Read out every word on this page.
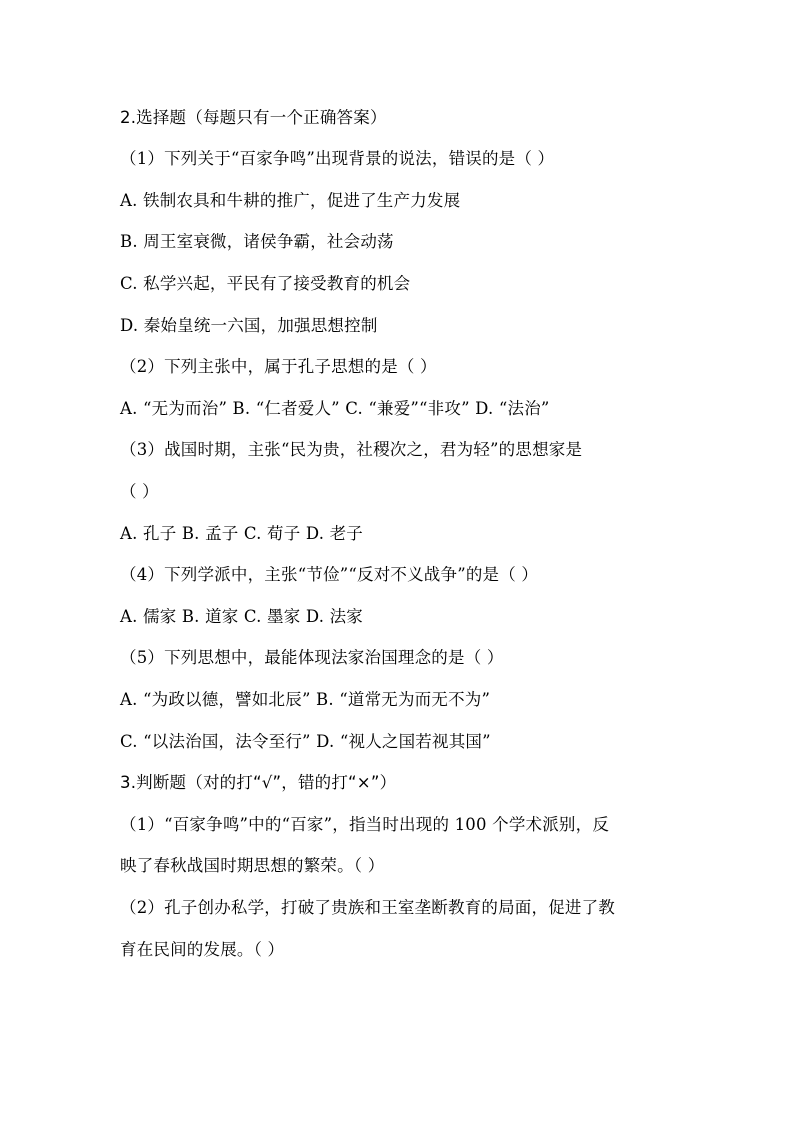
2.选择题（每题只有一个正确答案）
（1）下列关于“百家争鸣”出现背景的说法，错误的是（ ）
A. 铁制农具和牛耕的推广，促进了生产力发展
B. 周王室衰微，诸侯争霸，社会动荡
C. 私学兴起，平民有了接受教育的机会
D. 秦始皇统一六国，加强思想控制
（2）下列主张中，属于孔子思想的是（ ）
A. “无为而治” B. “仁者爱人” C. “兼爱”“非攻” D. “法治”
（3）战国时期，主张“民为贵，社稷次之，君为轻”的思想家是
（ ）
A. 孔子 B. 孟子 C. 荀子 D. 老子
（4）下列学派中，主张“节俭”“反对不义战争”的是（ ）
A. 儒家 B. 道家 C. 墨家 D. 法家
（5）下列思想中，最能体现法家治国理念的是（ ）
A. “为政以德，譬如北辰” B. “道常无为而无不为”
C. “以法治国，法令至行” D. “视人之国若视其国”
3.判断题（对的打“√”，错的打“×”）
（1）“百家争鸣”中的“百家”，指当时出现的 100 个学术派别，反
映了春秋战国时期思想的繁荣。（ ）
（2）孔子创办私学，打破了贵族和王室垄断教育的局面，促进了教
育在民间的发展。（ ）
